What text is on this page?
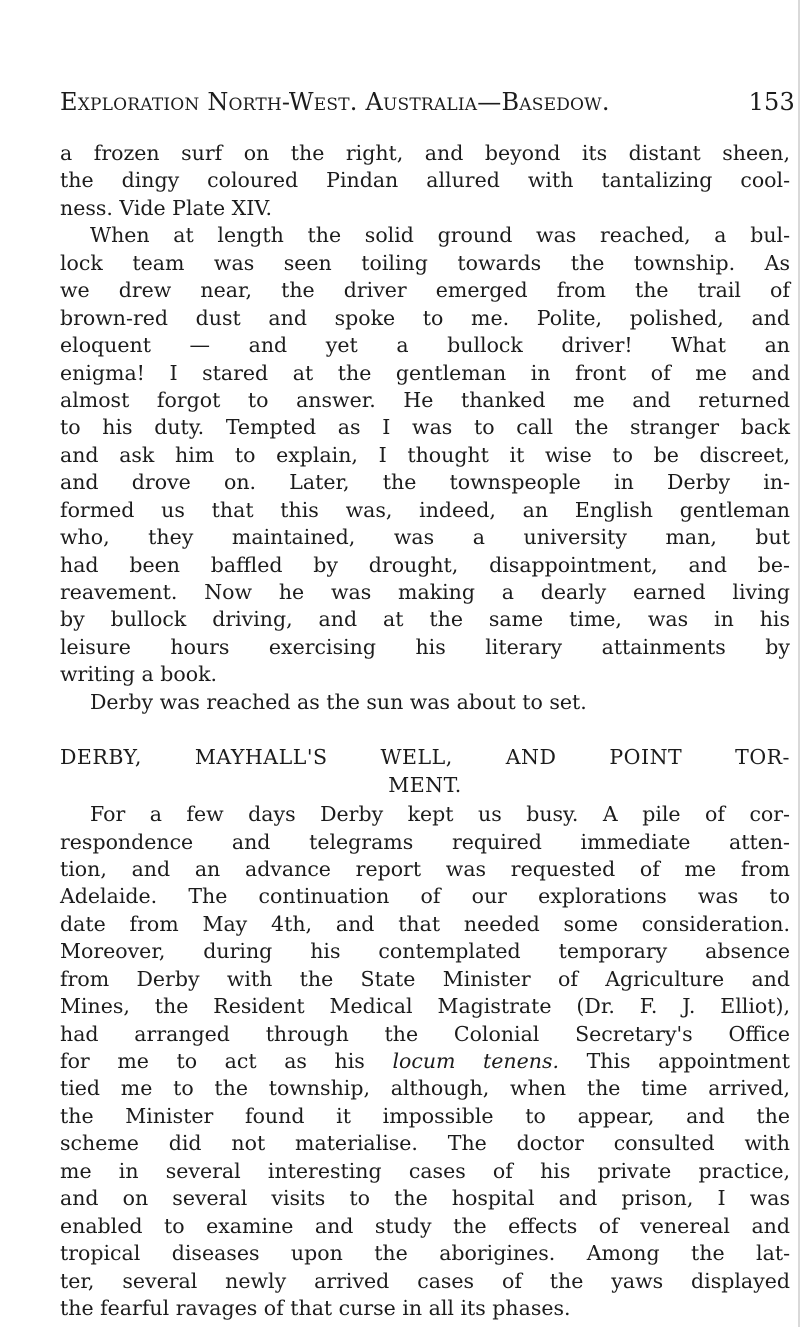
Exploration North-West. Australia—Basedow.	153
a frozen surf on the right, and beyond its distant sheen,
the dingy coloured Pindan allured with tantalizing cool-
ness. Vide Plate XIV.
When at length the solid ground was reached, a bul-
lock team was seen toiling towards the township. As
we drew near, the driver emerged from the trail of
brown-red dust and spoke to me. Polite, polished, and
eloquent — and yet a bullock driver! What an
enigma! I stared at the gentleman in front of me and
almost forgot to answer. He thanked me and returned
to his duty. Tempted as I was to call the stranger back
and ask him to explain, I thought it wise to be discreet,
and drove on. Later, the townspeople in Derby in-
formed us that this was, indeed, an English gentleman
who, they maintained, was a university man, but
had been baffled by drought, disappointment, and be-
reavement. Now he was making a dearly earned living
by bullock driving, and at the same time, was in his
leisure hours exercising his literary attainments by
writing a book.
Derby was reached as the sun was about to set.
DERBY, MAYHALL'S WELL, AND POINT TOR-
MENT.
For a few days Derby kept us busy. A pile of cor-
respondence and telegrams required immediate atten-
tion, and an advance report was requested of me from
Adelaide. The continuation of our explorations was to
date from May 4th, and that needed some consideration.
Moreover, during his contemplated temporary absence
from Derby with the State Minister of Agriculture and
Mines, the Resident Medical Magistrate (Dr. F. J. Elliot),
had arranged through the Colonial Secretary's Office
for me to act as his locum tenens. This appointment
tied me to the township, although, when the time arrived,
the Minister found it impossible to appear, and the
scheme did not materialise. The doctor consulted with
me in several interesting cases of his private practice,
and on several visits to the hospital and prison, I was
enabled to examine and study the effects of venereal and
tropical diseases upon the aborigines. Among the lat-
ter, several newly arrived cases of the yaws displayed
the fearful ravages of that curse in all its phases.
